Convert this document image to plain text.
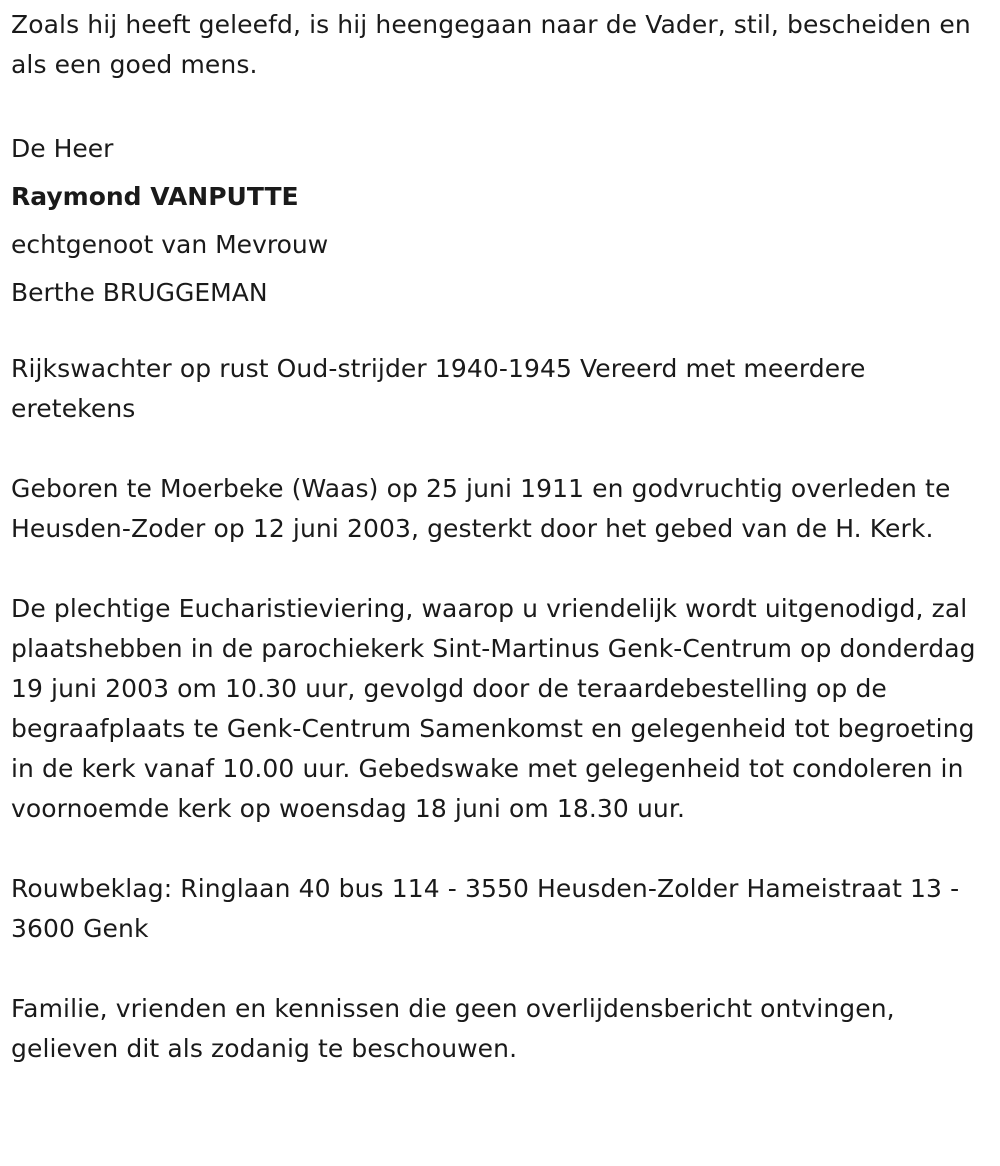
Zoals hij heeft geleefd, is hij heengegaan naar de Vader, stil, bescheiden en als een goed mens.

De Heer

Raymond VANPUTTE

echtgenoot van Mevrouw

Berthe BRUGGEMAN

Rijkswachter op rust Oud-strijder 1940-1945 Vereerd met meerdere eretekens

Geboren te Moerbeke (Waas) op 25 juni 1911 en godvruchtig overleden te Heusden-Zoder op 12 juni 2003, gesterkt door het gebed van de H. Kerk.

De plechtige Eucharistieviering, waarop u vriendelijk wordt uitgenodigd, zal plaatshebben in de parochiekerk Sint-Martinus Genk-Centrum op donderdag 19 juni 2003 om 10.30 uur, gevolgd door de teraardebestelling op de begraafplaats te Genk-Centrum Samenkomst en gelegenheid tot begroeting in de kerk vanaf 10.00 uur. Gebedswake met gelegenheid tot condoleren in voornoemde kerk op woensdag 18 juni om 18.30 uur.

Rouwbeklag: Ringlaan 40 bus 114 - 3550 Heusden-Zolder Hameistraat 13 - 3600 Genk

Familie, vrienden en kennissen die geen overlijdensbericht ontvingen, gelieven dit als zodanig te beschouwen.
